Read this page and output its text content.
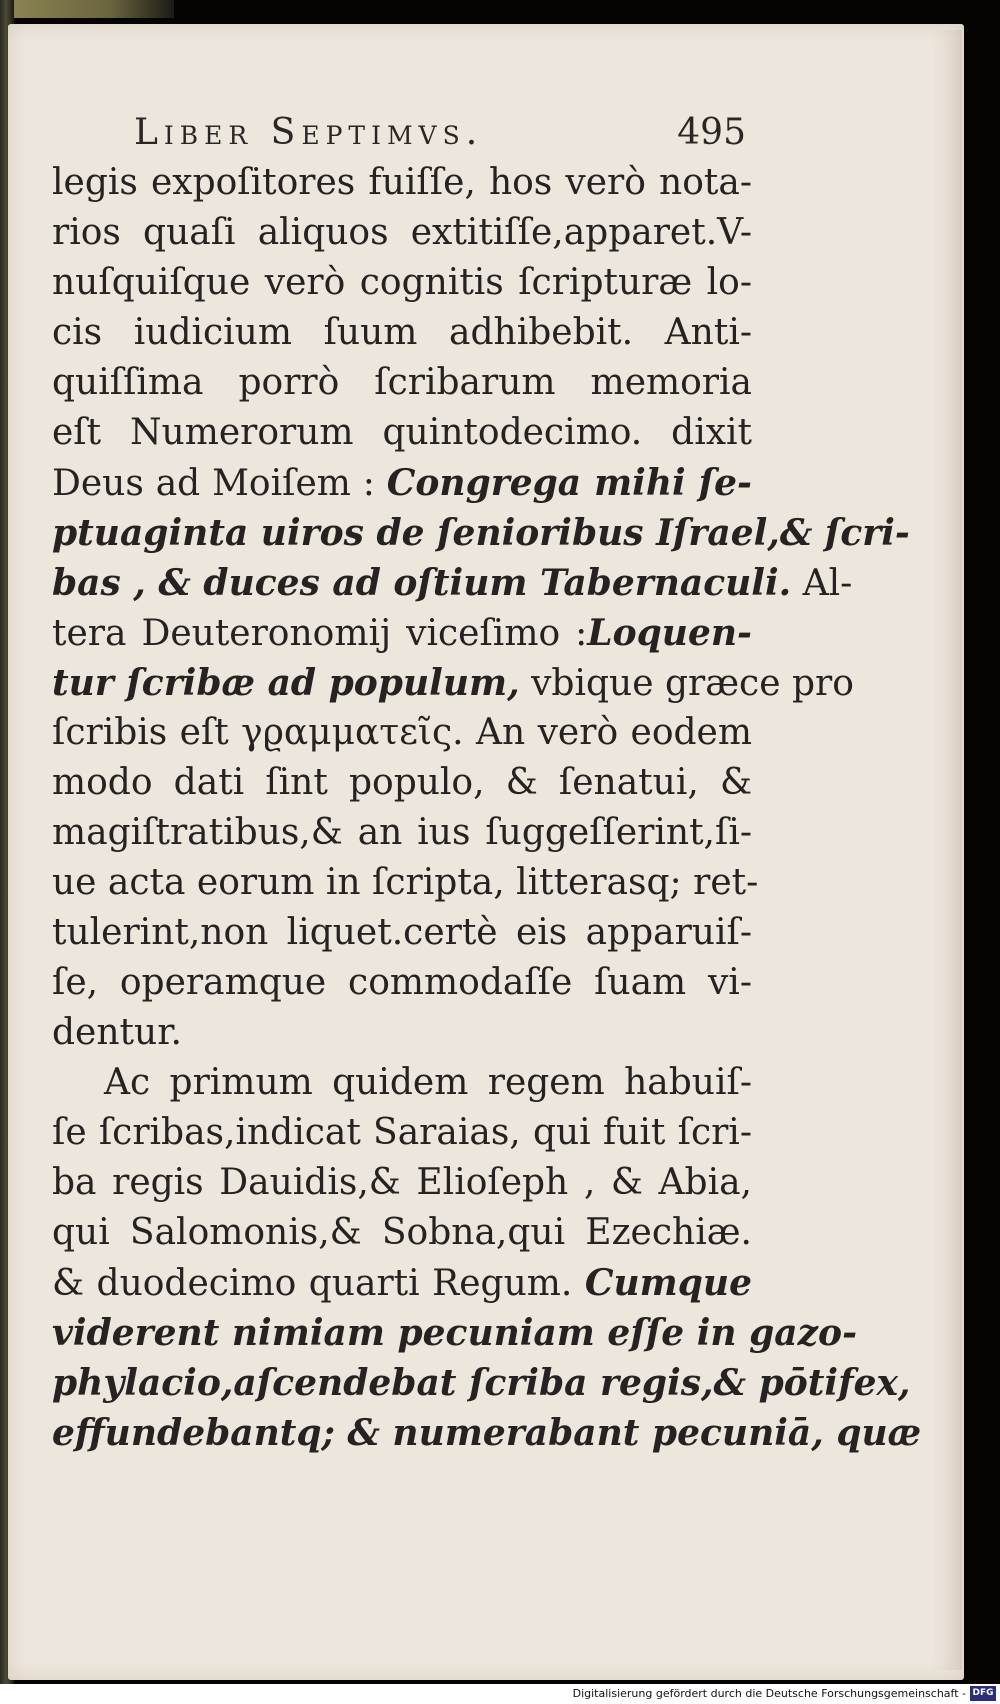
Liber Septimvs.	495
legis expoſitores fuiſſe, hos verò nota-
rios quaſi aliquos extitiſſe,apparet.V-
nuſquiſque verò cognitis ſcripturæ lo-
cis iudicium ſuum adhibebit. Anti-
quiſſima porrò ſcribarum memoria
eſt Numerorum quintodecimo. dixit
Deus ad Moiſem : Congrega mihi ſe-
ptuaginta uiros de ſenioribus Iſrael,& ſcri-
bas , & duces ad oſtium Tabernaculi. Al-
tera Deuteronomij viceſimo :Loquen-
tur ſcribæ ad populum, vbique græce pro
ſcribis eſt γϱαμματεῖς. An verò eodem
modo dati ſint populo, & ſenatui, &
magiſtratibus,& an ius ſuggeſſerint,ſi-
ue acta eorum in ſcripta, litterasq; ret-
tulerint,non liquet.certè eis apparuiſ-
ſe, operamque commodaſſe ſuam vi-
dentur.
Ac primum quidem regem habuiſ-
ſe ſcribas,indicat Saraias, qui fuit ſcri-
ba regis Dauidis,& Elioſeph , & Abia,
qui Salomonis,& Sobna,qui Ezechiæ.
& duodecimo quarti Regum. Cumque
viderent nimiam pecuniam eſſe in gazo-
phylacio,aſcendebat ſcriba regis,& pōtifex,
effundebantq; & numerabant pecuniā, quæ
Digitalisierung gefördert durch die Deutsche Forschungsgemeinschaft - DFG
